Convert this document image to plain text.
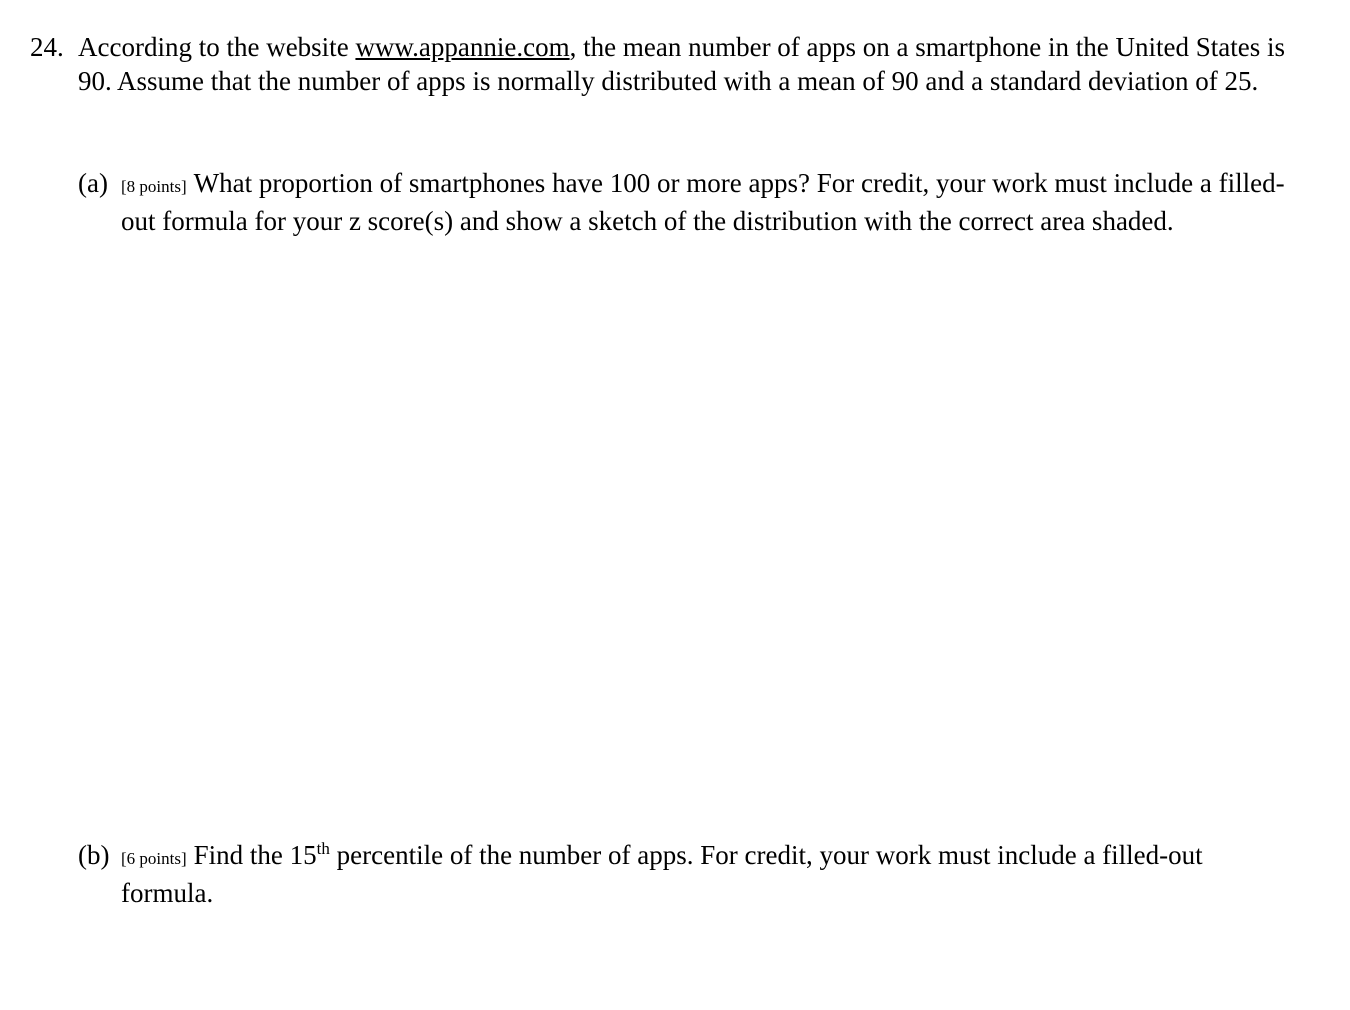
24. According to the website www.appannie.com, the mean number of apps on a smartphone in the United States is 90. Assume that the number of apps is normally distributed with a mean of 90 and a standard deviation of 25.
(a) [8 points] What proportion of smartphones have 100 or more apps? For credit, your work must include a filled-out formula for your z score(s) and show a sketch of the distribution with the correct area shaded.
(b) [6 points] Find the 15th percentile of the number of apps. For credit, your work must include a filled-out formula.
